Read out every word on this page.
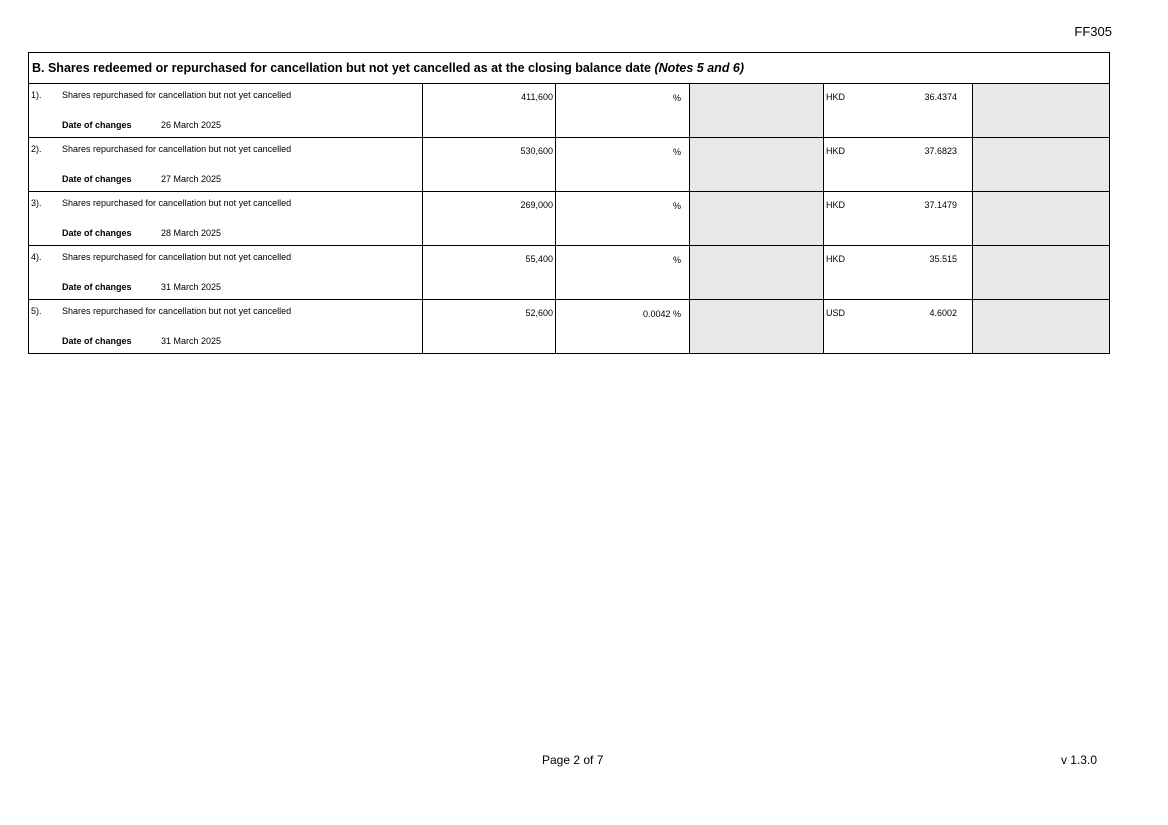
FF305
B. Shares redeemed or repurchased for cancellation but not yet cancelled as at the closing balance date (Notes 5 and 6)					

1). Shares repurchased for cancellation but not yet cancelled
Date of changes 26 March 2025	411,600	%		HKD 36.4374	

2). Shares repurchased for cancellation but not yet cancelled
Date of changes 27 March 2025	530,600	%		HKD 37.6823	

3). Shares repurchased for cancellation but not yet cancelled
Date of changes 28 March 2025	269,000	%		HKD 37.1479	

4). Shares repurchased for cancellation but not yet cancelled
Date of changes 31 March 2025	55,400	%		HKD 35.515	

5). Shares repurchased for cancellation but not yet cancelled
Date of changes 31 March 2025	52,600	0.0042 %		USD 4.6002	

Page 2 of 7	v 1.3.0
